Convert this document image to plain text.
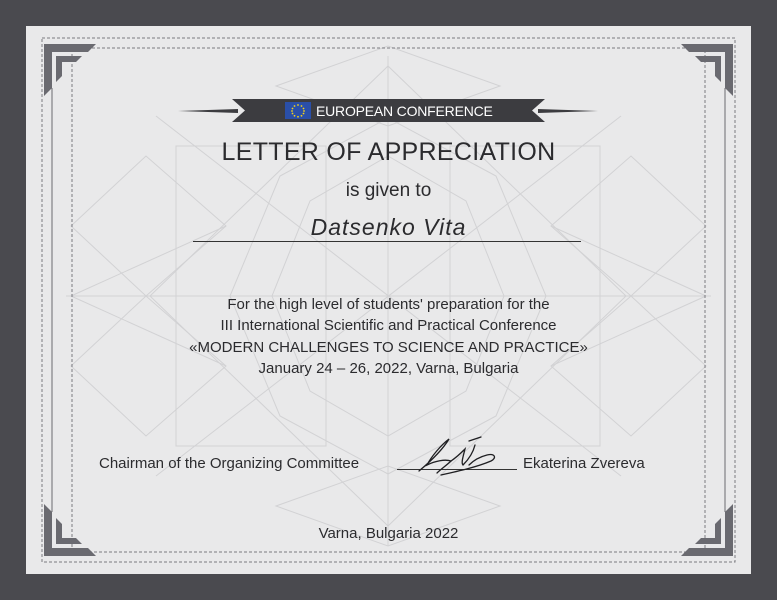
EUROPEAN CONFERENCE
LETTER OF APPRECIATION
is given to
Datsenko Vita
For the high level of students' preparation for the
III International Scientific and Practical Conference
«MODERN CHALLENGES TO SCIENCE AND PRACTICE»
January 24 – 26, 2022, Varna, Bulgaria
Chairman of the Organizing Committee	Ekaterina Zvereva
Varna, Bulgaria 2022
